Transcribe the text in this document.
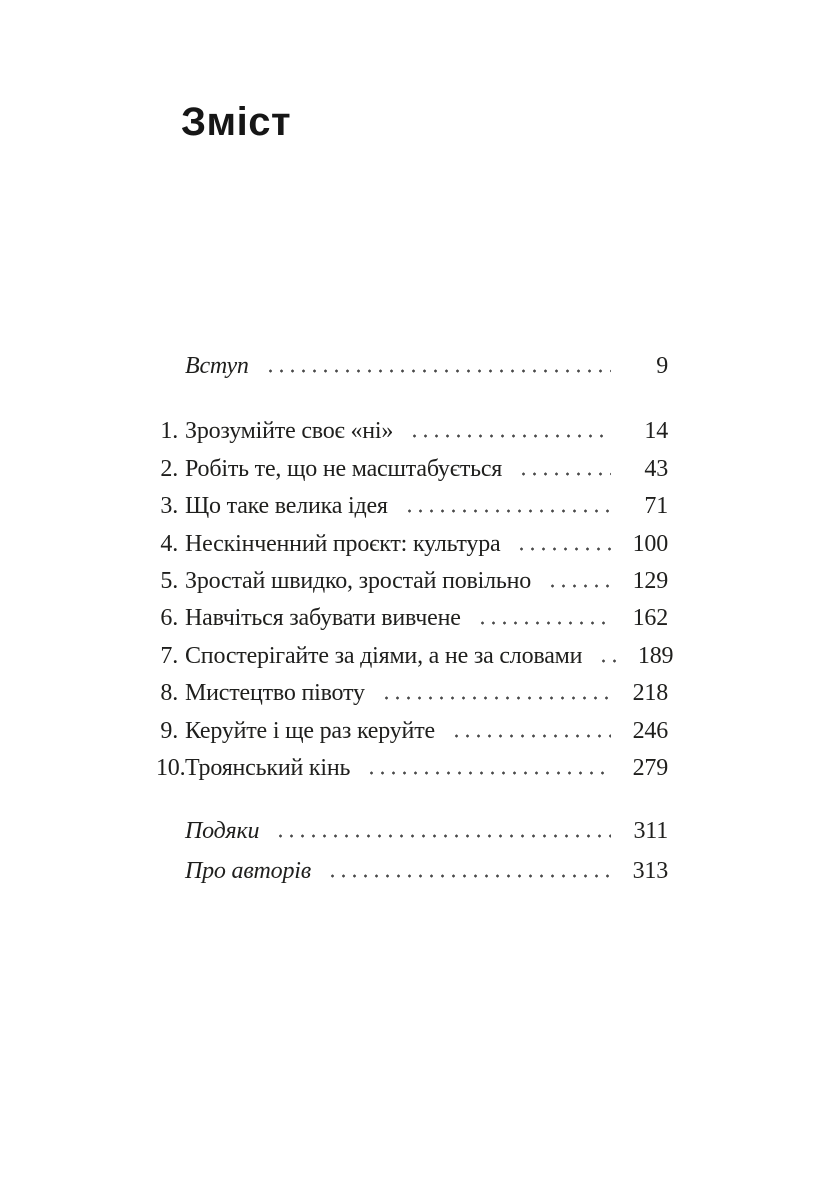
Зміст
Вступ	9
1. Зрозумійте своє «ні»	14
2. Робіть те, що не масштабується	43
3. Що таке велика ідея	71
4. Нескінченний проєкт: культура	100
5. Зростай швидко, зростай повільно	129
6. Навчіться забувати вивчене	162
7. Спостерігайте за діями, а не за словами	189
8. Мистецтво півоту	218
9. Керуйте і ще раз керуйте	246
10. Троянський кінь	279
Подяки	311
Про авторів	313
